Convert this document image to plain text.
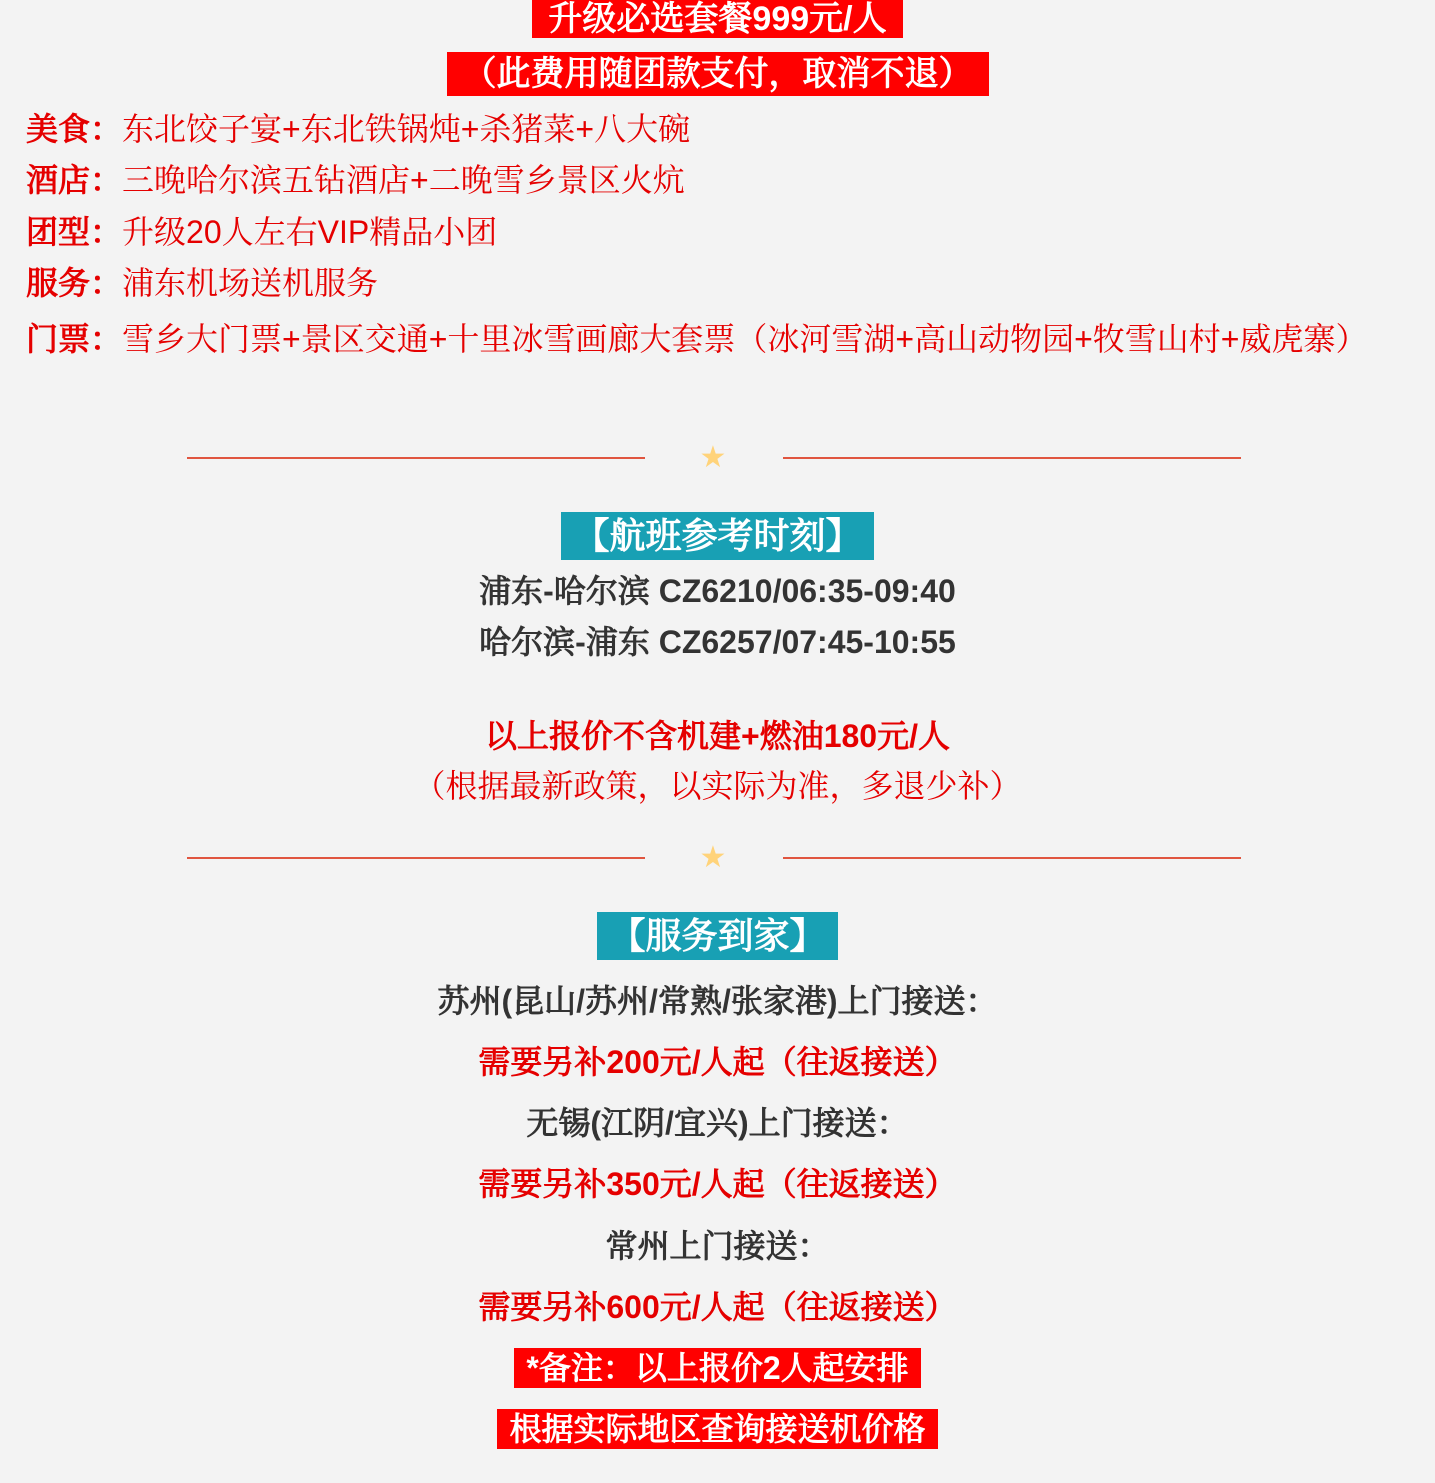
升级必选套餐999元/人
（此费用随团款支付，取消不退）
美食：东北饺子宴+东北铁锅炖+杀猪菜+八大碗
酒店：三晚哈尔滨五钻酒店+二晚雪乡景区火炕
团型：升级20人左右VIP精品小团
服务：浦东机场送机服务
门票：雪乡大门票+景区交通+十里冰雪画廊大套票（冰河雪湖+高山动物园+牧雪山村+威虎寨）
★
【航班参考时刻】
浦东-哈尔滨 CZ6210/06:35-09:40
哈尔滨-浦东 CZ6257/07:45-10:55
以上报价不含机建+燃油180元/人
（根据最新政策，以实际为准，多退少补）
★
【服务到家】
苏州(昆山/苏州/常熟/张家港)上门接送：
需要另补200元/人起（往返接送）
无锡(江阴/宜兴)上门接送：
需要另补350元/人起（往返接送）
常州上门接送：
需要另补600元/人起（往返接送）
*备注：以上报价2人起安排
根据实际地区查询接送机价格
